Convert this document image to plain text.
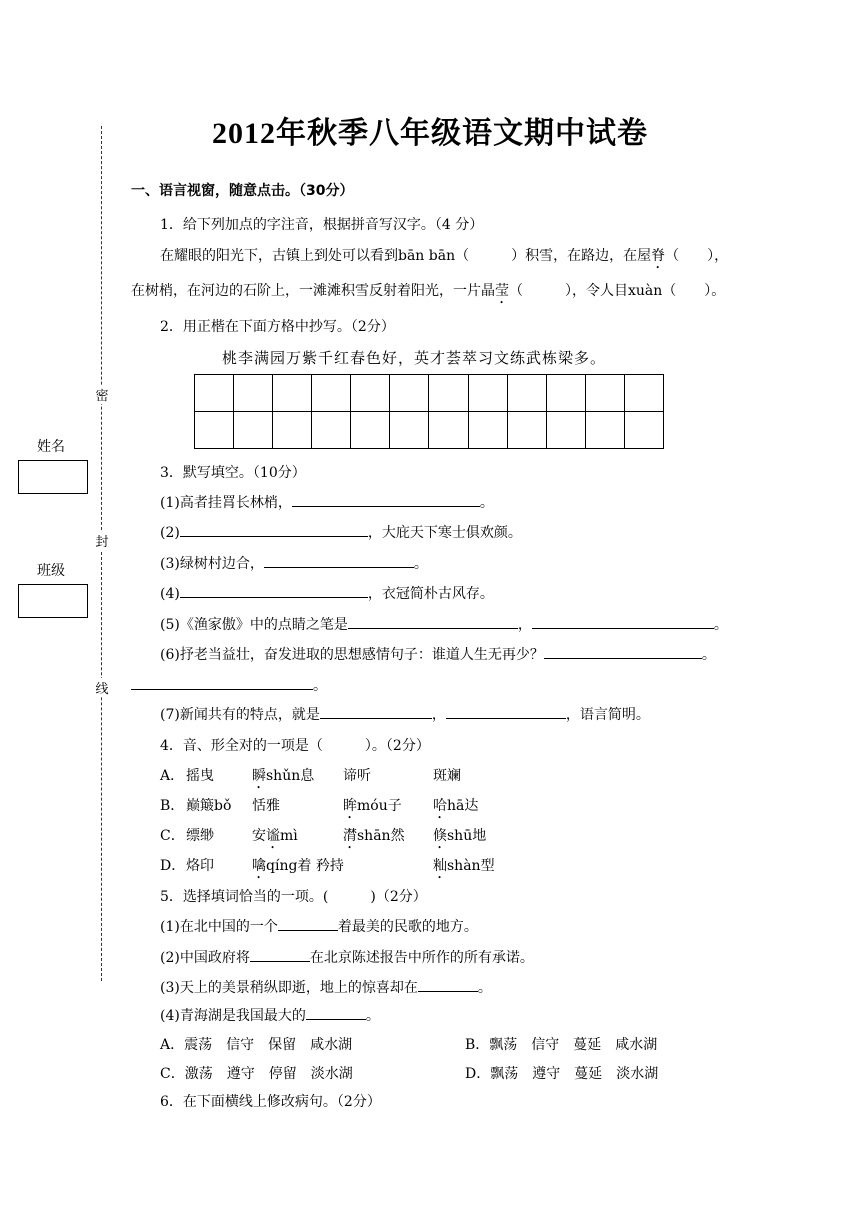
密
封
线
姓名
班级
2012年秋季八年级语文期中试卷
一、语言视窗，随意点击。（30分）
1．给下列加点的字注音，根据拼音写汉字。（4 分）
在耀眼的阳光下，古镇上到处可以看到bān bān（	）积雪，在路边，在屋脊（　　），
在树梢，在河边的石阶上，一滩滩积雪反射着阳光，一片晶莹（　　　），令人目xuàn（　　）。
2．用正楷在下面方格中抄写。（2分）
桃李满园万紫千红春色好，英才荟萃习文练武栋梁多。
3．默写填空。（10分）
(1)高者挂罥长林梢，	。
(2)	，大庇天下寒士俱欢颜。
(3)绿树村边合，	。
(4)	，衣冠简朴古风存。
(5)《渔家傲》中的点睛之笔是	，	。
(6)抒老当益壮，奋发进取的思想感情句子：谁道人生无再少？	。
。
(7)新闻共有的特点，就是	，	，语言简明。
4．音、形全对的一项是（　　　）。（2分）
A． 摇曳	瞬shǔn息 谛听	斑斓
B． 巅簸bǒ 恬雅	眸móu子 哈hā达
C． 缥缈	安谧mì	潸shān然 倏shū地
D． 烙印	噙qíng着 矜持	籼shàn型
5．选择填词恰当的一项。(　　　)（2分）
(1)在北中国的一个	着最美的民歌的地方。
(2)中国政府将	在北京陈述报告中所作的所有承诺。
(3)天上的美景稍纵即逝，地上的惊喜却在	。
(4)青海湖是我国最大的	。
A．震荡　信守　保留　咸水湖	B．飘荡　信守　蔓延　咸水湖
C．激荡　遵守　停留　淡水湖	D．飘荡　遵守　蔓延　淡水湖
6．在下面横线上修改病句。（2分）
